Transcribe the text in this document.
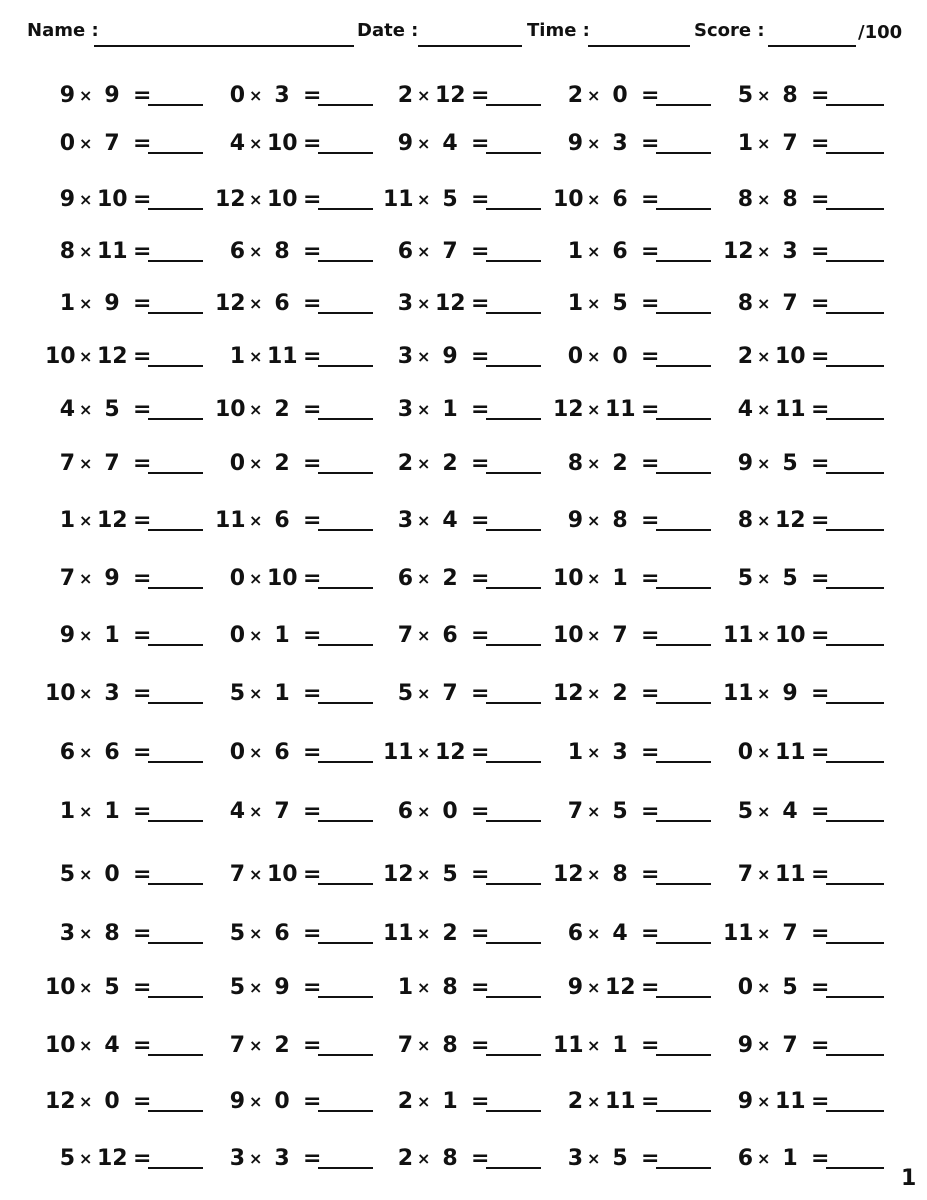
Name :	Date :	Time :	Score :	/100
9 × 9 =	0 × 3 =	2 × 12 =	2 × 0 =	5 × 8 =
0 × 7 =	4 × 10 =	9 × 4 =	9 × 3 =	1 × 7 =
9 × 10 =	12 × 10 =	11 × 5 =	10 × 6 =	8 × 8 =
8 × 11 =	6 × 8 =	6 × 7 =	1 × 6 =	12 × 3 =
1 × 9 =	12 × 6 =	3 × 12 =	1 × 5 =	8 × 7 =
10 × 12 =	1 × 11 =	3 × 9 =	0 × 0 =	2 × 10 =
4 × 5 =	10 × 2 =	3 × 1 =	12 × 11 =	4 × 11 =
7 × 7 =	0 × 2 =	2 × 2 =	8 × 2 =	9 × 5 =
1 × 12 =	11 × 6 =	3 × 4 =	9 × 8 =	8 × 12 =
7 × 9 =	0 × 10 =	6 × 2 =	10 × 1 =	5 × 5 =
9 × 1 =	0 × 1 =	7 × 6 =	10 × 7 =	11 × 10 =
10 × 3 =	5 × 1 =	5 × 7 =	12 × 2 =	11 × 9 =
6 × 6 =	0 × 6 =	11 × 12 =	1 × 3 =	0 × 11 =
1 × 1 =	4 × 7 =	6 × 0 =	7 × 5 =	5 × 4 =
5 × 0 =	7 × 10 =	12 × 5 =	12 × 8 =	7 × 11 =
3 × 8 =	5 × 6 =	11 × 2 =	6 × 4 =	11 × 7 =
10 × 5 =	5 × 9 =	1 × 8 =	9 × 12 =	0 × 5 =
10 × 4 =	7 × 2 =	7 × 8 =	11 × 1 =	9 × 7 =
12 × 0 =	9 × 0 =	2 × 1 =	2 × 11 =	9 × 11 =
5 × 12 =	3 × 3 =	2 × 8 =	3 × 5 =	6 × 1 =
1
